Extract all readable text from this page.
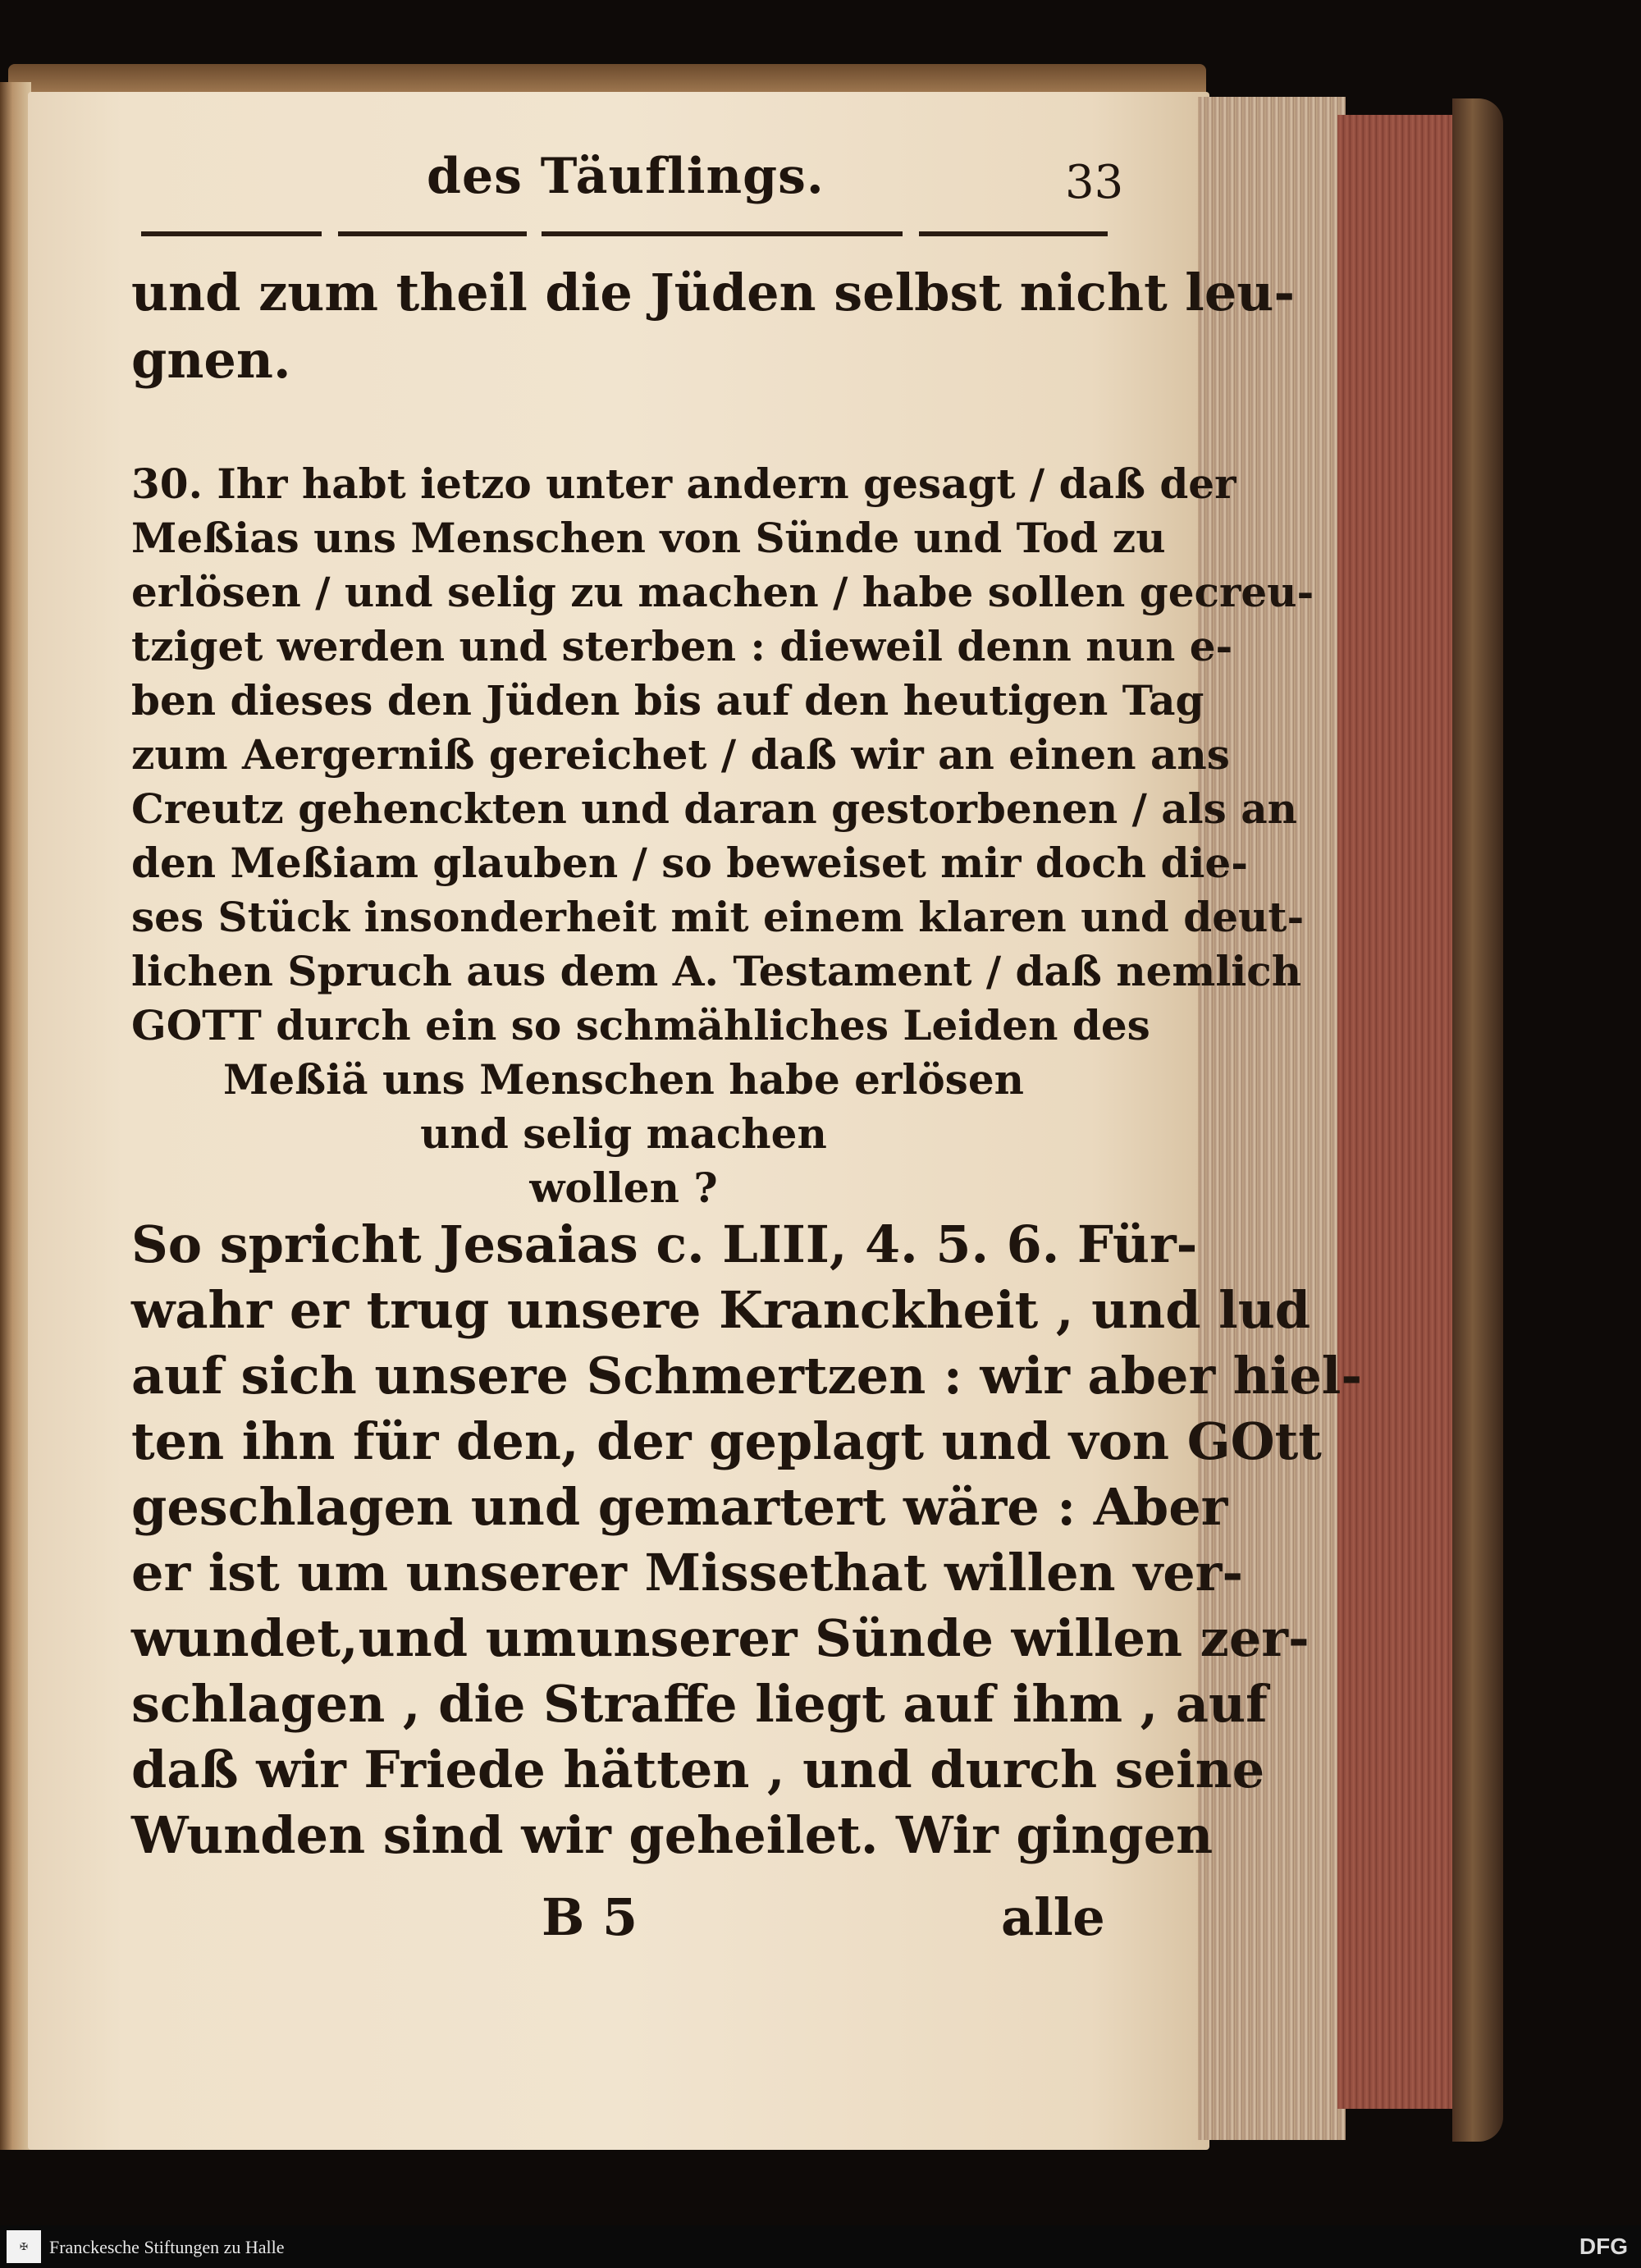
des Täuflings.	33
und zum theil die Jüden selbst nicht leu-
gnen.
30. Ihr habt ietzo unter andern gesagt / daß der
Meßias uns Menschen von Sünde und Tod zu
erlösen / und selig zu machen / habe sollen gecreu-
tziget werden und sterben : dieweil denn nun e-
ben dieses den Jüden bis auf den heutigen Tag
zum Aergerniß gereichet / daß wir an einen ans
Creutz gehenckten und daran gestorbenen / als an
den Meßiam glauben / so beweiset mir doch die-
ses Stück insonderheit mit einem klaren und deut-
lichen Spruch aus dem A. Testament / daß nemlich
GOTT durch ein so schmähliches Leiden des
Meßiä uns Menschen habe erlösen
und selig machen
wollen ?
So spricht Jesaias c. LIII, 4. 5. 6. Für-
wahr er trug unsere Kranckheit , und lud
auf sich unsere Schmertzen : wir aber hiel-
ten ihn für den, der geplagt und von GOtt
geschlagen und gemartert wäre : Aber
er ist um unserer Missethat willen ver-
wundet,und umunserer Sünde willen zer-
schlagen , die Straffe liegt auf ihm , auf
daß wir Friede hätten , und durch seine
Wunden sind wir geheilet. Wir gingen
B 5	alle
✠	Franckesche Stiftungen zu Halle	DFG
